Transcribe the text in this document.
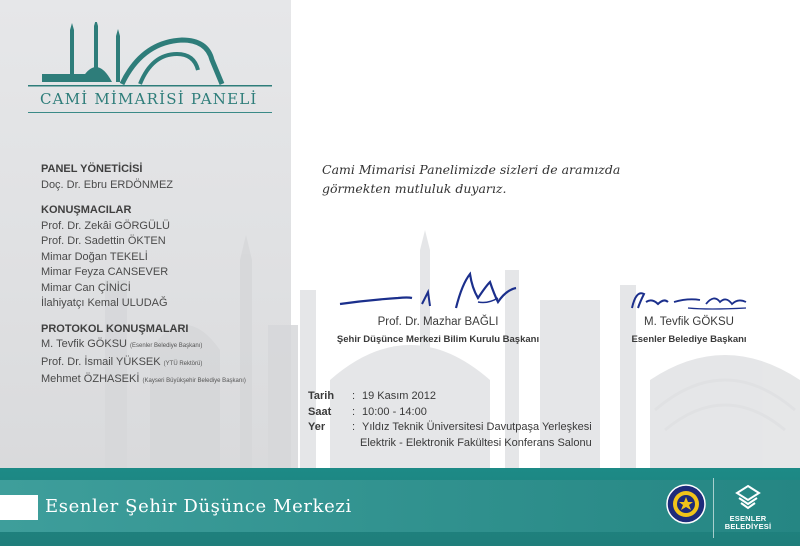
CAMİ MİMARİSİ PANELİ
PANEL YÖNETİCİSİ
Doç. Dr. Ebru ERDÖNMEZ
KONUŞMACILAR
Prof. Dr. Zekâi GÖRGÜLÜ
Prof. Dr. Sadettin ÖKTEN
Mimar Doğan TEKELİ
Mimar Feyza CANSEVER
Mimar Can ÇİNİCİ
İlahiyatçı Kemal ULUDAĞ
PROTOKOL KONUŞMALARI
M. Tevfik GÖKSU (Esenler Belediye Başkanı)
Prof. Dr. İsmail YÜKSEK (YTÜ Rektörü)
Mehmet ÖZHASEKİ (Kayseri Büyükşehir Belediye Başkanı)
Cami Mimarisi Panelimizde sizleri de aramızda
görmekten mutluluk duyarız.
Prof. Dr. Mazhar BAĞLI
Şehir Düşünce Merkezi Bilim Kurulu Başkanı
M. Tevfik GÖKSU
Esenler Belediye Başkanı
Tarih	: 19 Kasım 2012
Saat	: 10:00 - 14:00
Yer	: Yıldız Teknik Üniversitesi Davutpaşa Yerleşkesi
Elektrik - Elektronik Fakültesi Konferans Salonu
Esenler Şehir Düşünce Merkezi
ESENLER
BELEDİYESİ
